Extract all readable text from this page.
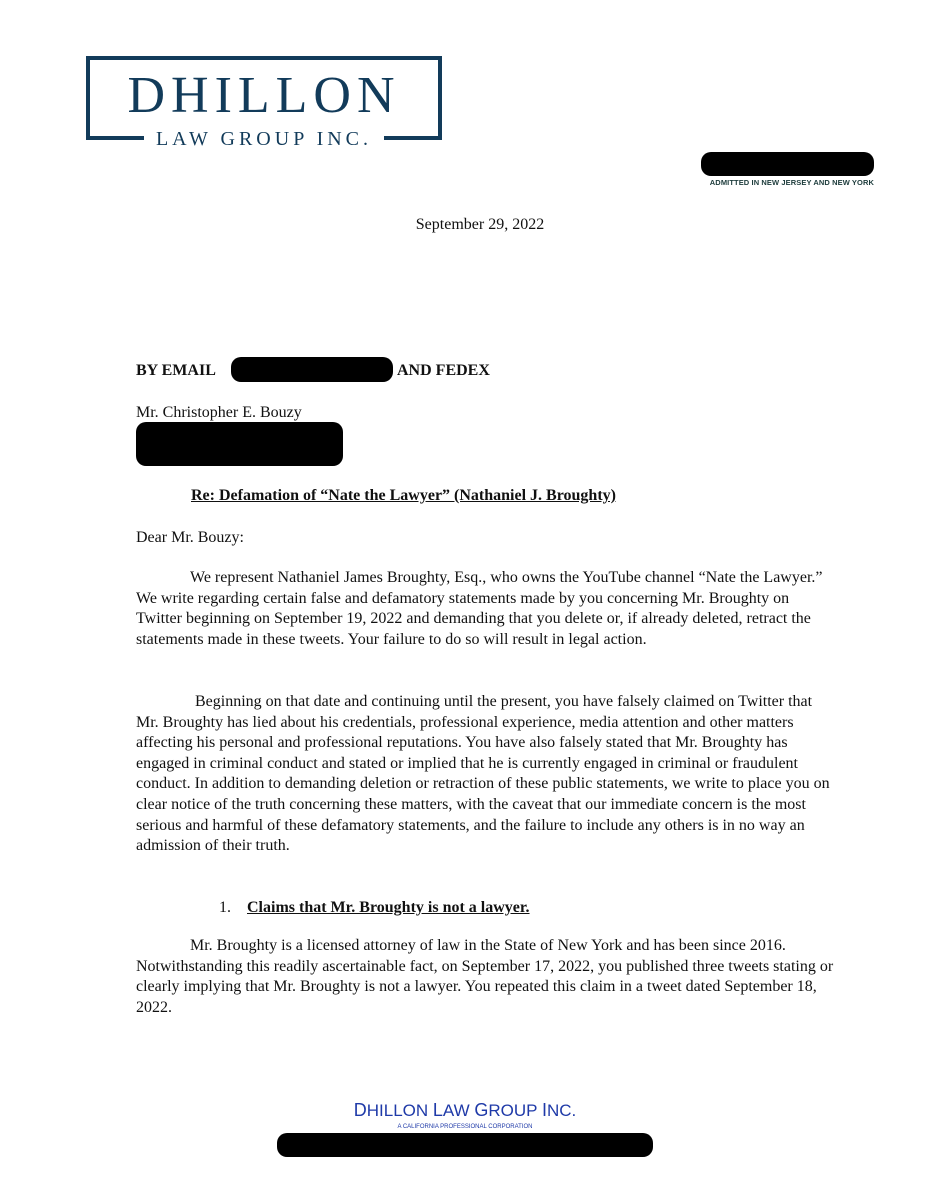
DHILLON
LAW GROUP INC.
ADMITTED IN NEW JERSEY AND NEW YORK
September 29, 2022
BY EMAIL	AND FEDEX
Mr. Christopher E. Bouzy
Re: Defamation of “Nate the Lawyer” (Nathaniel J. Broughty)
Dear Mr. Bouzy:
We represent Nathaniel James Broughty, Esq., who owns the YouTube channel “Nate the Lawyer.” We write regarding certain false and defamatory statements made by you concerning Mr. Broughty on Twitter beginning on September 19, 2022 and demanding that you delete or, if already deleted, retract the statements made in these tweets. Your failure to do so will result in legal action.
Beginning on that date and continuing until the present, you have falsely claimed on Twitter that Mr. Broughty has lied about his credentials, professional experience, media attention and other matters affecting his personal and professional reputations. You have also falsely stated that Mr. Broughty has engaged in criminal conduct and stated or implied that he is currently engaged in criminal or fraudulent conduct. In addition to demanding deletion or retraction of these public statements, we write to place you on clear notice of the truth concerning these matters, with the caveat that our immediate concern is the most serious and harmful of these defamatory statements, and the failure to include any others is in no way an admission of their truth.
1. Claims that Mr. Broughty is not a lawyer.
Mr. Broughty is a licensed attorney of law in the State of New York and has been since 2016. Notwithstanding this readily ascertainable fact, on September 17, 2022, you published three tweets stating or clearly implying that Mr. Broughty is not a lawyer. You repeated this claim in a tweet dated September 18, 2022.
DHILLON LAW GROUP INC.
A CALIFORNIA PROFESSIONAL CORPORATION
